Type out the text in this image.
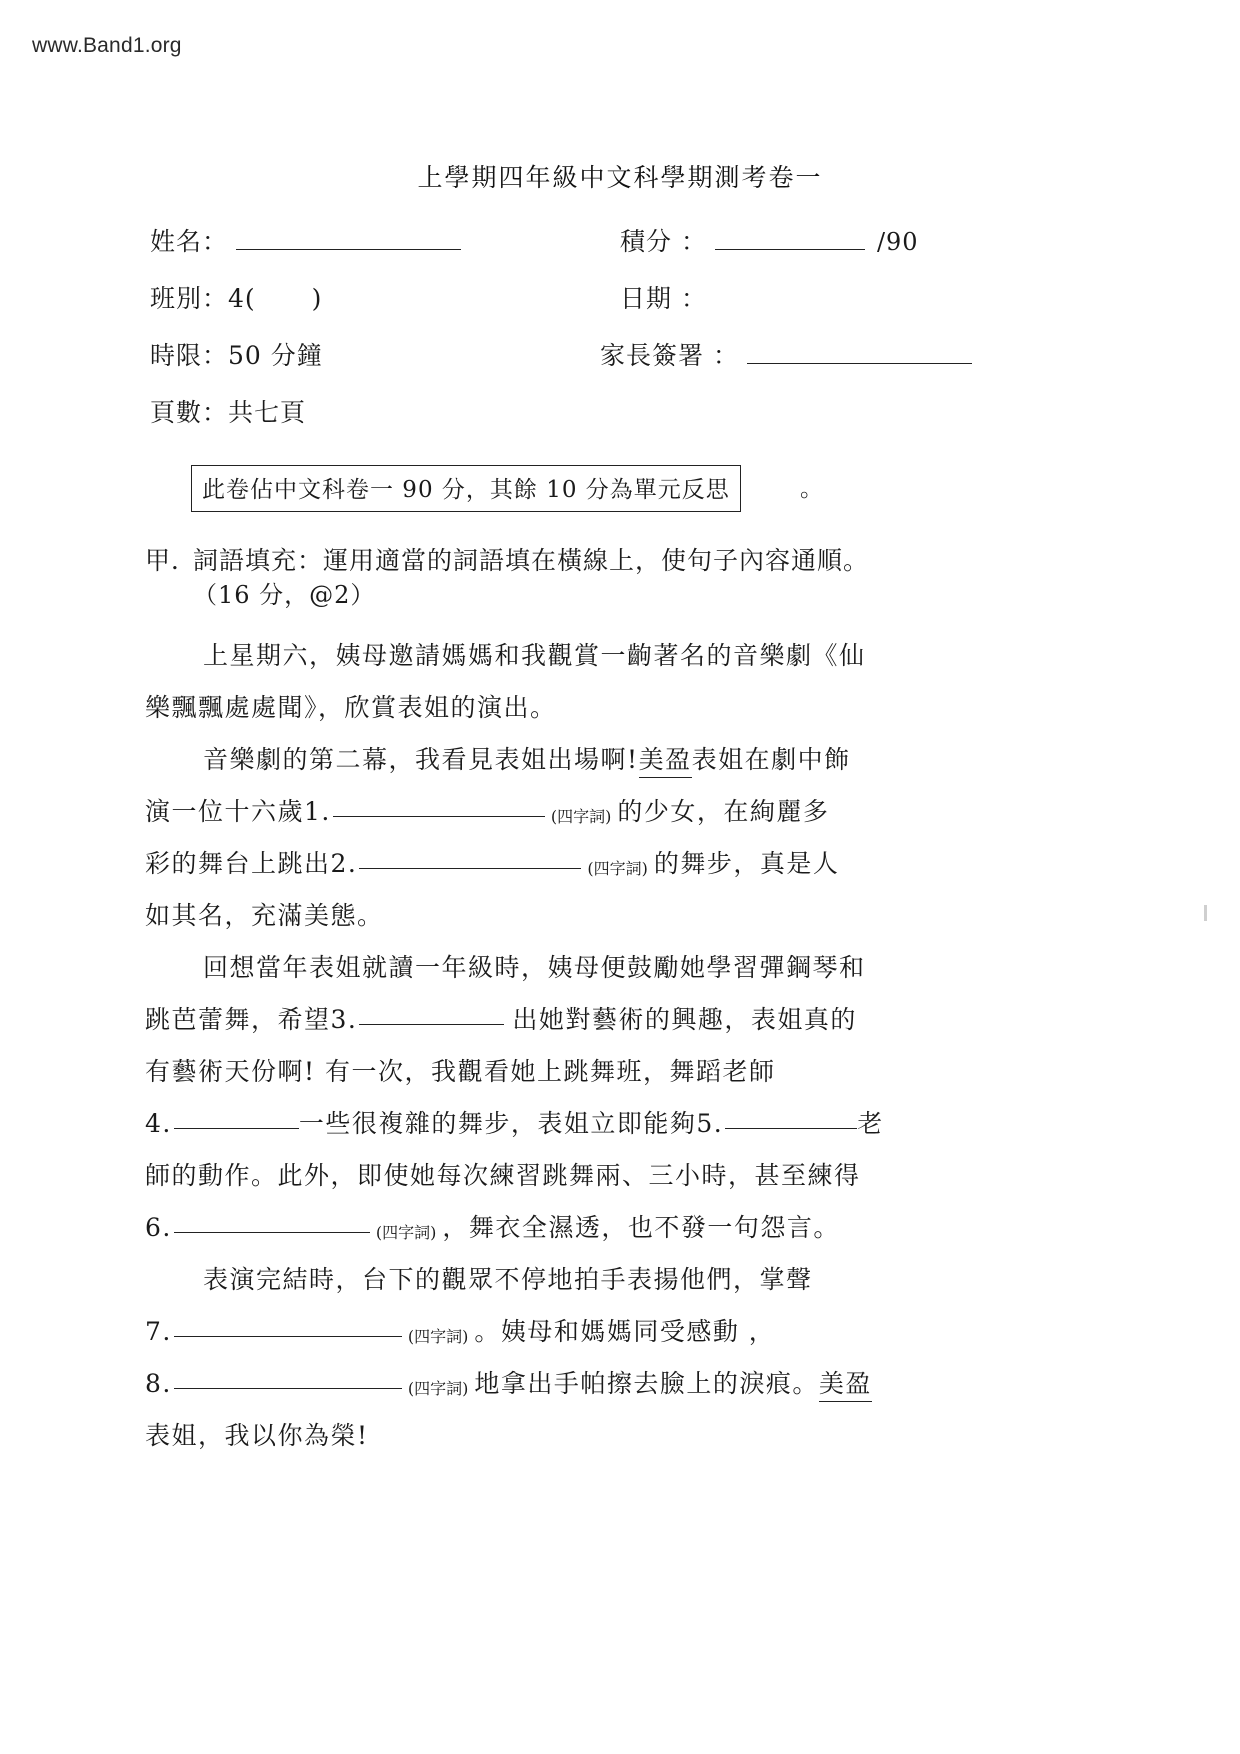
www.Band1.org
上學期四年級中文科學期測考卷一
姓名：	積分 ：	/90
班別：4( )	日期 ：
時限：50 分鐘	家長簽署 ：
頁數：共七頁
此卷佔中文科卷一 90 分，其餘 10 分為單元反思	。
甲．
詞語填充：運用適當的詞語填在橫線上，使句子內容通順。
（16 分，@2）
上星期六，姨母邀請媽媽和我觀賞一齣著名的音樂劇《仙
樂飄飄處處聞》，欣賞表姐的演出。
音樂劇的第二幕，我看見表姐出場啊! 美盈 表姐在劇中飾
演一位十六歲 1.	(四字詞) 的少女，在絢麗多
彩的舞台上跳出 2.	(四字詞) 的舞步，真是人
如其名，充滿美態。
回想當年表姐就讀一年級時，姨母便鼓勵她學習彈鋼琴和
跳芭蕾舞，希望 3.	出她對藝術的興趣，表姐真的
有藝術天份啊! 有一次，我觀看她上跳舞班，舞蹈老師
4.	一些很複雜的舞步，表姐立即能夠 5.	老
師的動作。此外，即使她每次練習跳舞兩、三小時，甚至練得
6.	(四字詞) ，舞衣全濕透，也不發一句怨言。
表演完結時，台下的觀眾不停地拍手表揚他們，掌聲
7.	(四字詞) 。姨母和媽媽同受感動 ，
8.	(四字詞) 地拿出手帕擦去臉上的淚痕。 美盈
表姐，我以你為榮!
